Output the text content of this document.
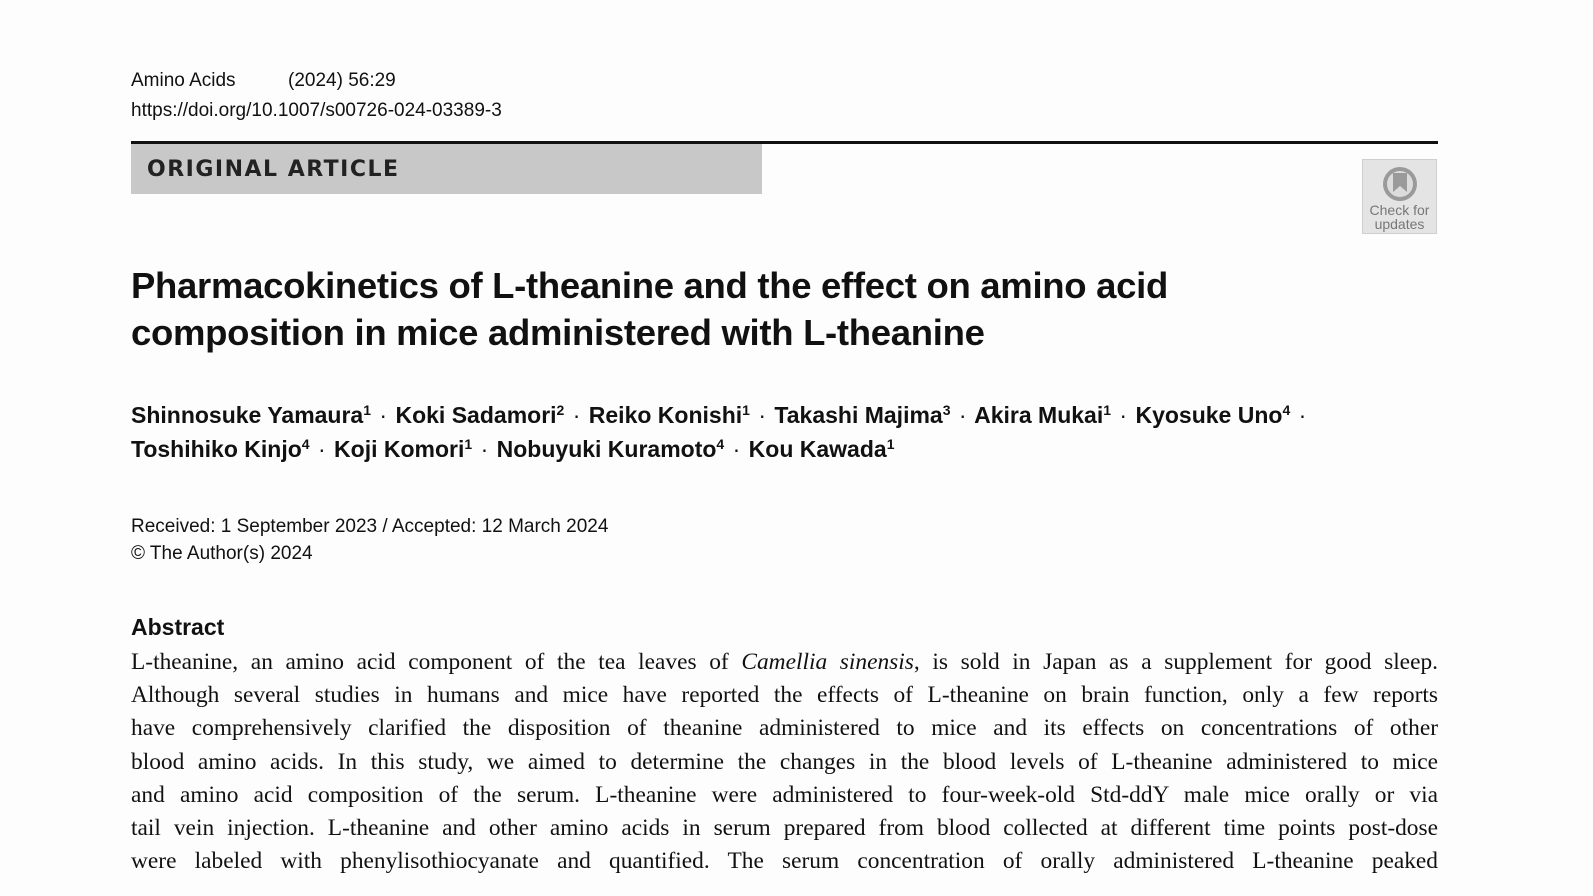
Amino Acids	(2024) 56:29
https://doi.org/10.1007/s00726-024-03389-3
ORIGINAL ARTICLE
Check for
updates
Pharmacokinetics of L-theanine and the effect on amino acid
composition in mice administered with L-theanine
Shinnosuke Yamaura$^1$ · Koki Sadamori$^2$ · Reiko Konishi$^1$ · Takashi Majima$^3$ · Akira Mukai$^1$ · Kyosuke Uno$^4$ ·
Toshihiko Kinjo$^4$ · Koji Komori$^1$ · Nobuyuki Kuramoto$^4$ · Kou Kawada$^1$
Received: 1 September 2023 / Accepted: 12 March 2024
© The Author(s) 2024
Abstract
L-theanine, an amino acid component of the tea leaves of Camellia sinensis, is sold in Japan as a supplement for good sleep.
Although several studies in humans and mice have reported the effects of L-theanine on brain function, only a few reports
have comprehensively clarified the disposition of theanine administered to mice and its effects on concentrations of other
blood amino acids. In this study, we aimed to determine the changes in the blood levels of L-theanine administered to mice
and amino acid composition of the serum. L-theanine were administered to four-week-old Std-ddY male mice orally or via
tail vein injection. L-theanine and other amino acids in serum prepared from blood collected at different time points post-dose
were labeled with phenylisothiocyanate and quantified. The serum concentration of orally administered L-theanine peaked
